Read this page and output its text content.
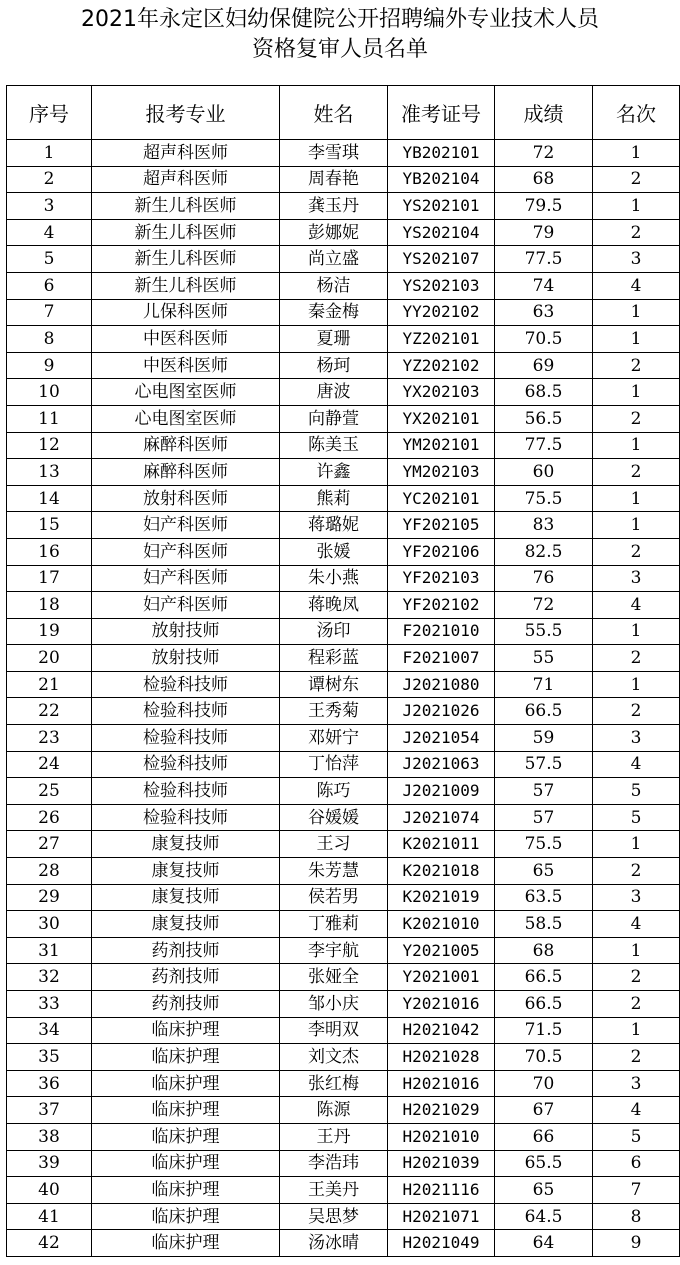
2021年永定区妇幼保健院公开招聘编外专业技术人员
资格复审人员名单
序号	报考专业	姓名	准考证号	成绩	名次
1	超声科医师	李雪琪	YB202101	72	1
2	超声科医师	周春艳	YB202104	68	2
3	新生儿科医师	龚玉丹	YS202101	79.5	1
4	新生儿科医师	彭娜妮	YS202104	79	2
5	新生儿科医师	尚立盛	YS202107	77.5	3
6	新生儿科医师	杨洁	YS202103	74	4
7	儿保科医师	秦金梅	YY202102	63	1
8	中医科医师	夏珊	YZ202101	70.5	1
9	中医科医师	杨珂	YZ202102	69	2
10	心电图室医师	唐波	YX202103	68.5	1
11	心电图室医师	向静萱	YX202101	56.5	2
12	麻醉科医师	陈美玉	YM202101	77.5	1
13	麻醉科医师	许鑫	YM202103	60	2
14	放射科医师	熊莉	YC202101	75.5	1
15	妇产科医师	蒋璐妮	YF202105	83	1
16	妇产科医师	张媛	YF202106	82.5	2
17	妇产科医师	朱小燕	YF202103	76	3
18	妇产科医师	蒋晚凤	YF202102	72	4
19	放射技师	汤印	F2021010	55.5	1
20	放射技师	程彩蓝	F2021007	55	2
21	检验科技师	谭树东	J2021080	71	1
22	检验科技师	王秀菊	J2021026	66.5	2
23	检验科技师	邓妍宁	J2021054	59	3
24	检验科技师	丁怡萍	J2021063	57.5	4
25	检验科技师	陈巧	J2021009	57	5
26	检验科技师	谷媛媛	J2021074	57	5
27	康复技师	王习	K2021011	75.5	1
28	康复技师	朱芳慧	K2021018	65	2
29	康复技师	侯若男	K2021019	63.5	3
30	康复技师	丁雅莉	K2021010	58.5	4
31	药剂技师	李宇航	Y2021005	68	1
32	药剂技师	张娅全	Y2021001	66.5	2
33	药剂技师	邹小庆	Y2021016	66.5	2
34	临床护理	李明双	H2021042	71.5	1
35	临床护理	刘文杰	H2021028	70.5	2
36	临床护理	张红梅	H2021016	70	3
37	临床护理	陈源	H2021029	67	4
38	临床护理	王丹	H2021010	66	5
39	临床护理	李浩玮	H2021039	65.5	6
40	临床护理	王美丹	H2021116	65	7
41	临床护理	吴思梦	H2021071	64.5	8
42	临床护理	汤冰晴	H2021049	64	9
